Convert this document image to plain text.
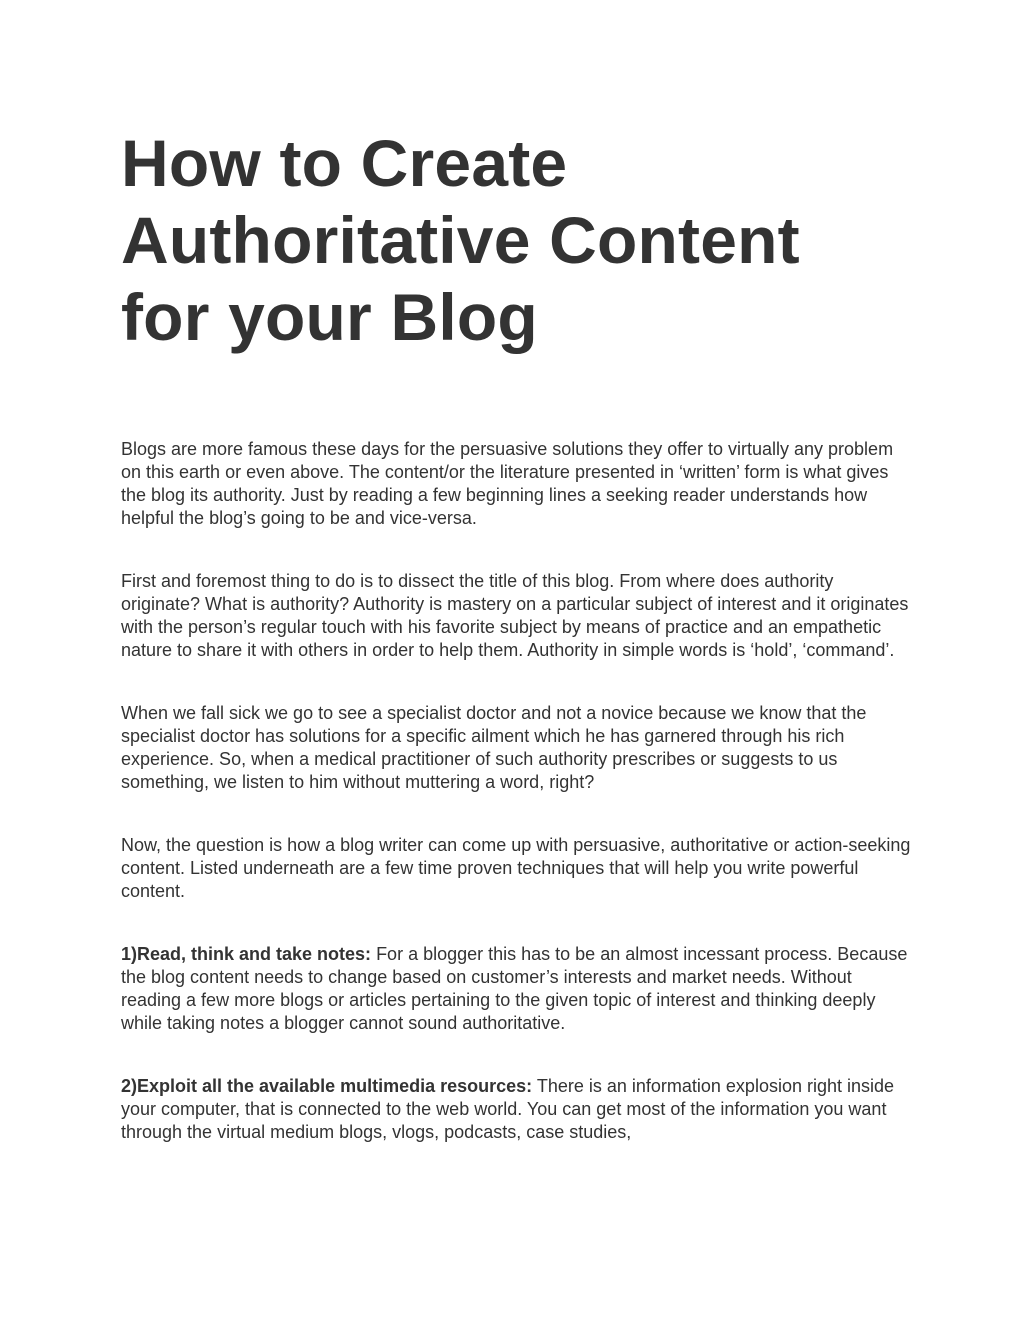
How to Create Authoritative Content for your Blog

Blogs are more famous these days for the persuasive solutions they offer to virtually any problem on this earth or even above. The content/or the literature presented in ‘written’ form is what gives the blog its authority. Just by reading a few beginning lines a seeking reader understands how helpful the blog’s going to be and vice-versa.

First and foremost thing to do is to dissect the title of this blog. From where does authority originate? What is authority? Authority is mastery on a particular subject of interest and it originates with the person’s regular touch with his favorite subject by means of practice and an empathetic nature to share it with others in order to help them. Authority in simple words is ‘hold’, ‘command’.

When we fall sick we go to see a specialist doctor and not a novice because we know that the specialist doctor has solutions for a specific ailment which he has garnered through his rich experience. So, when a medical practitioner of such authority prescribes or suggests to us something, we listen to him without muttering a word, right?

Now, the question is how a blog writer can come up with persuasive, authoritative or action-seeking content. Listed underneath are a few time proven techniques that will help you write powerful content.

1)Read, think and take notes: For a blogger this has to be an almost incessant process. Because the blog content needs to change based on customer’s interests and market needs. Without reading a few more blogs or articles pertaining to the given topic of interest and thinking deeply while taking notes a blogger cannot sound authoritative.

2)Exploit all the available multimedia resources: There is an information explosion right inside your computer, that is connected to the web world. You can get most of the information you want through the virtual medium blogs, vlogs, podcasts, case studies,
